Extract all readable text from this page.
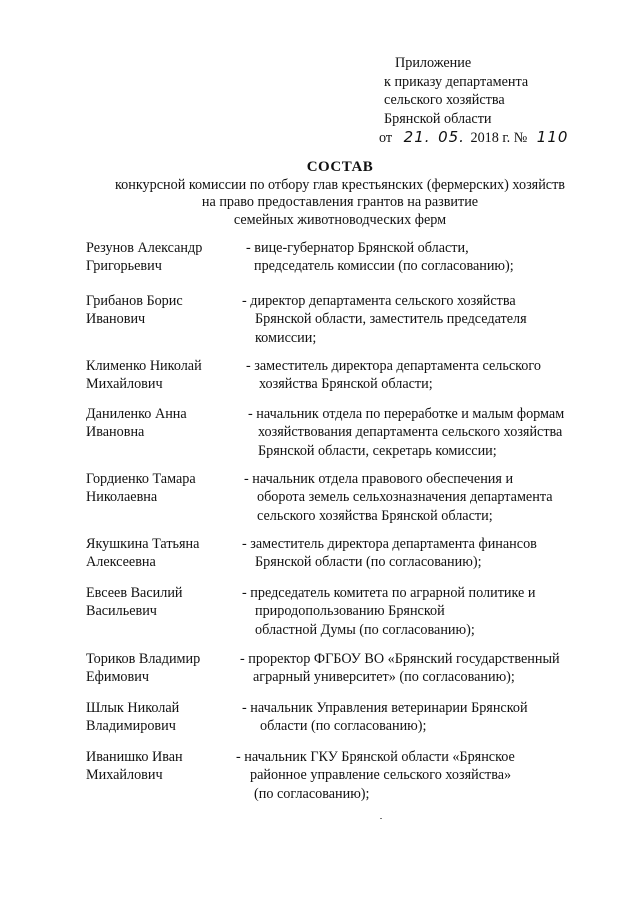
Приложение
к приказу департамента
сельского хозяйства
Брянской области
от 21. 05. 2018 г. № 110
СОСТАВ
конкурсной комиссии по отбору глав крестьянских (фермерских) хозяйств
на право предоставления грантов на развитие
семейных животноводческих ферм
Резунов Александр
Григорьевич
- вице-губернатор Брянской области,
председатель комиссии (по согласованию);
Грибанов Борис
Иванович
- директор департамента сельского хозяйства
Брянской области, заместитель председателя
комиссии;
Клименко Николай
Михайлович
- заместитель директора департамента сельского
хозяйства Брянской области;
Даниленко Анна
Ивановна
- начальник отдела по переработке и малым формам
хозяйствования департамента сельского хозяйства
Брянской области, секретарь комиссии;
Гордиенко Тамара
Николаевна
- начальник отдела правового обеспечения и
оборота земель сельхозназначения департамента
сельского хозяйства Брянской области;
Якушкина Татьяна
Алексеевна
- заместитель директора департамента финансов
Брянской области (по согласованию);
Евсеев Василий
Васильевич
- председатель комитета по аграрной политике и
природопользованию Брянской
областной Думы (по согласованию);
Ториков Владимир
Ефимович
- проректор ФГБОУ ВО «Брянский государственный
аграрный университет» (по согласованию);
Шлык Николай
Владимирович
- начальник Управления ветеринарии Брянской
области (по согласованию);
Иванишко Иван
Михайлович
- начальник ГКУ Брянской области «Брянское
районное управление сельского хозяйства»
(по согласованию);
